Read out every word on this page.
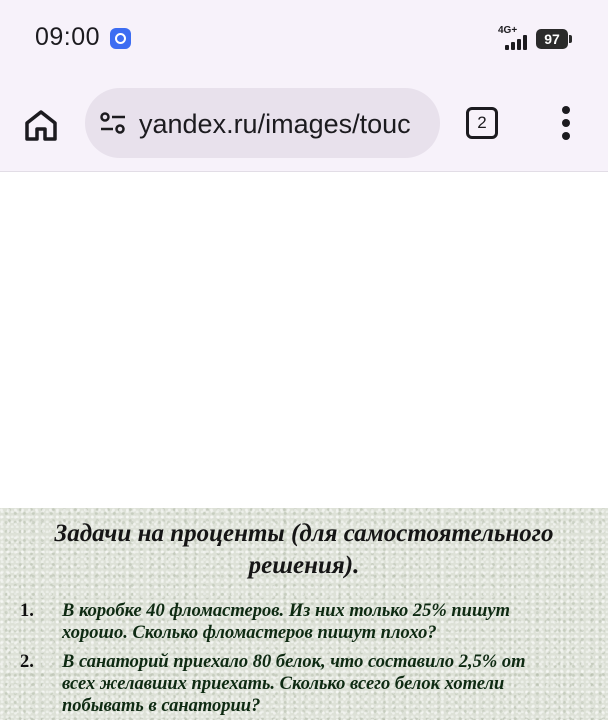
09:00	4G+
97
yandex.ru/images/touc	2
Задачи на проценты (для самостоятельного
решения).
1.	В коробке 40 фломастеров. Из них только 25% пишут
хорошо. Сколько фломастеров пишут плохо?
2.	В санаторий приехало 80 белок, что составило 2,5% от
всех желавших приехать. Сколько всего белок хотели
побывать в санатории?
